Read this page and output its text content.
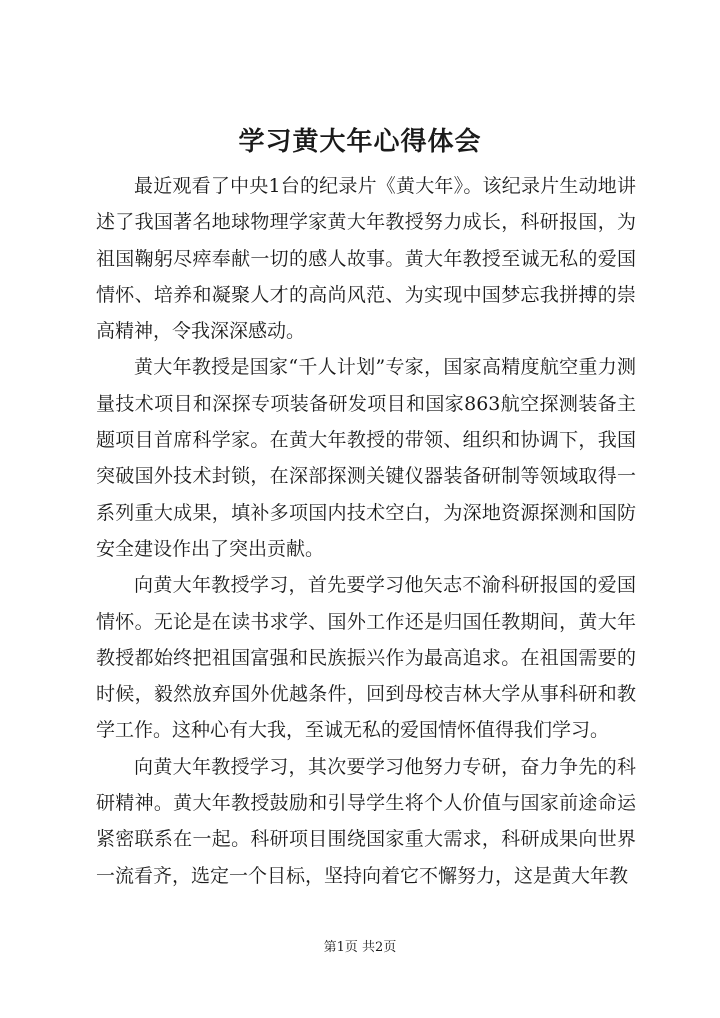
学习黄大年心得体会

最近观看了中央1台的纪录片《黄大年》。该纪录片生动地讲述了我国著名地球物理学家黄大年教授努力成长，科研报国，为祖国鞠躬尽瘁奉献一切的感人故事。黄大年教授至诚无私的爱国情怀、培养和凝聚人才的高尚风范、为实现中国梦忘我拼搏的崇高精神，令我深深感动。

黄大年教授是国家“千人计划”专家，国家高精度航空重力测量技术项目和深探专项装备研发项目和国家863航空探测装备主题项目首席科学家。在黄大年教授的带领、组织和协调下，我国突破国外技术封锁，在深部探测关键仪器装备研制等领域取得一系列重大成果，填补多项国内技术空白，为深地资源探测和国防安全建设作出了突出贡献。

向黄大年教授学习，首先要学习他矢志不渝科研报国的爱国情怀。无论是在读书求学、国外工作还是归国任教期间，黄大年教授都始终把祖国富强和民族振兴作为最高追求。在祖国需要的时候，毅然放弃国外优越条件，回到母校吉林大学从事科研和教学工作。这种心有大我，至诚无私的爱国情怀值得我们学习。

向黄大年教授学习，其次要学习他努力专研，奋力争先的科研精神。黄大年教授鼓励和引导学生将个人价值与国家前途命运紧密联系在一起。科研项目围绕国家重大需求，科研成果向世界一流看齐，选定一个目标，坚持向着它不懈努力，这是黄大年教

第1页 共2页
